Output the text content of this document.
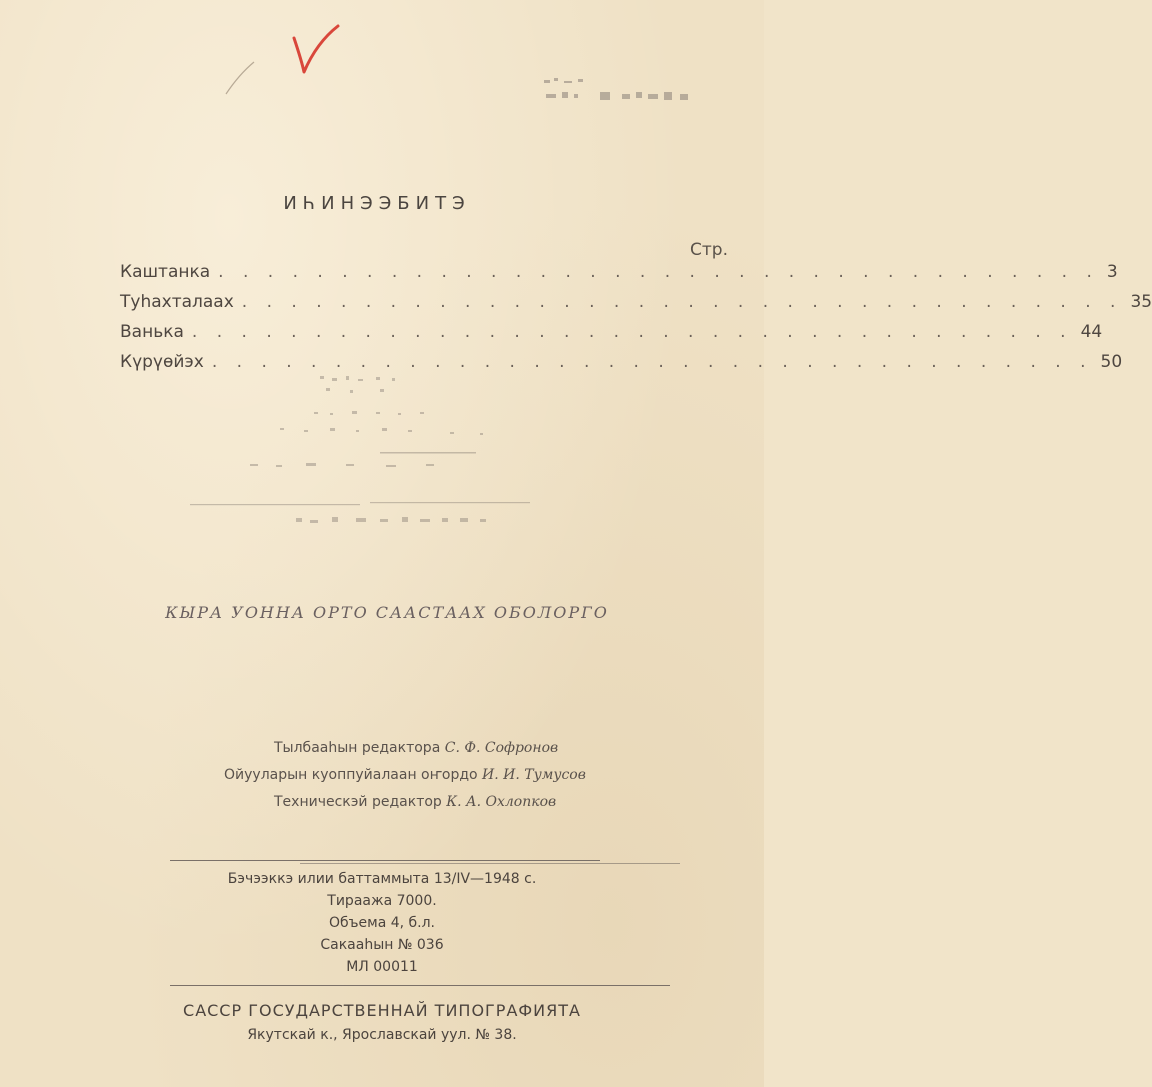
ИҺИНЭЭБИТЭ
Стр.
Каштанка . . . . . . . . . . . . . . . . . . . . . . . . . . . . . . . . . . . . 3
Туһахталаах . . . . . . . . . . . . . . . . . . . . . . . . . . . . . . . . . . . . 35
Ванька . . . . . . . . . . . . . . . . . . . . . . . . . . . . . . . . . . . . 44
Күрүөйэх . . . . . . . . . . . . . . . . . . . . . . . . . . . . . . . . . . . . 50
КЫРА УОННА ОРТО СААСТААХ ОБОЛОРГО
Тылбааһын редактора С. Ф. Софронов
Ойууларын куоппуйалаан оҥордо И. И. Тумусов
Техническэй редактор К. А. Охлопков
Бэчээккэ илии баттаммыта 13/IV—1948 с.
Тираажа 7000.
Объема 4, б.л.
Сакааһын № 036
МЛ 00011
САССР ГОСУДАРСТВЕННАЙ ТИПОГРАФИЯТА
Якутскай к., Ярославскай уул. № 38.
